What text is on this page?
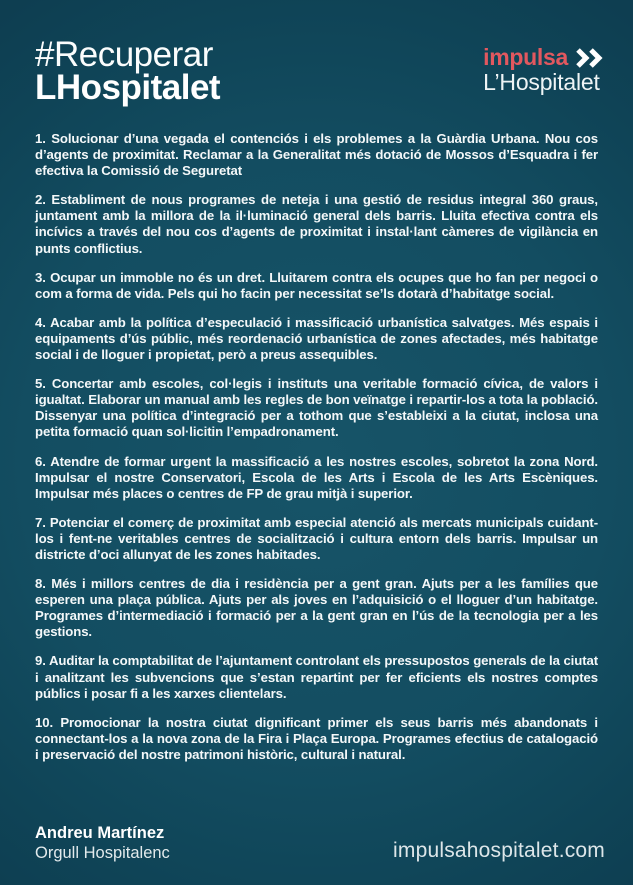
#Recuperar
LHospitalet
impulsa
L’Hospitalet

1. Solucionar d’una vegada el contenciós i els problemes a la Guàrdia Urbana. Nou cos d’agents de proximitat. Reclamar a la Generalitat més dotació de Mossos d’Esquadra i fer efectiva la Comissió de Seguretat

2. Establiment de nous programes de neteja i una gestió de residus integral 360 graus, juntament amb la millora de la il·luminació general dels barris. Lluita efectiva contra els incívics a través del nou cos d’agents de proximitat i instal·lant càmeres de vigilància en punts conflictius.

3. Ocupar un immoble no és un dret. Lluitarem contra els ocupes que ho fan per negoci o com a forma de vida. Pels qui ho facin per necessitat se’ls dotarà d’habitatge social.

4. Acabar amb la política d’especulació i massificació urbanística salvatges. Més espais i equipaments d’ús públic, més reordenació urbanística de zones afectades, més habitatge social i de lloguer i propietat, però a preus assequibles.

5. Concertar amb escoles, col·legis i instituts una veritable formació cívica, de valors i igualtat. Elaborar un manual amb les regles de bon veïnatge i repartir-los a tota la població. Dissenyar una política d’integració per a tothom que s’estableixi a la ciutat, inclosa una petita formació quan sol·licitin l’empadronament.

6. Atendre de formar urgent la massificació a les nostres escoles, sobretot la zona Nord. Impulsar el nostre Conservatori, Escola de les Arts i Escola de les Arts Escèniques. Impulsar més places o centres de FP de grau mitjà i superior.

7. Potenciar el comerç de proximitat amb especial atenció als mercats municipals cuidant-los i fent-ne veritables centres de socialització i cultura entorn dels barris. Impulsar un districte d’oci allunyat de les zones habitades.

8. Més i millors centres de dia i residència per a gent gran. Ajuts per a les famílies que esperen una plaça pública. Ajuts per als joves en l’adquisició o el lloguer d’un habitatge. Programes d’intermediació i formació per a la gent gran en l’ús de la tecnologia per a les gestions.

9. Auditar la comptabilitat de l’ajuntament controlant els pressupostos generals de la ciutat i analitzant les subvencions que s’estan repartint per fer eficients els nostres comptes públics i posar fi a les xarxes clientelars.

10. Promocionar la nostra ciutat dignificant primer els seus barris més abandonats i connectant-los a la nova zona de la Fira i Plaça Europa. Programes efectius de catalogació i preservació del nostre patrimoni històric, cultural i natural.

Andreu Martínez
Orgull Hospitalenc	impulsahospitalet.com
